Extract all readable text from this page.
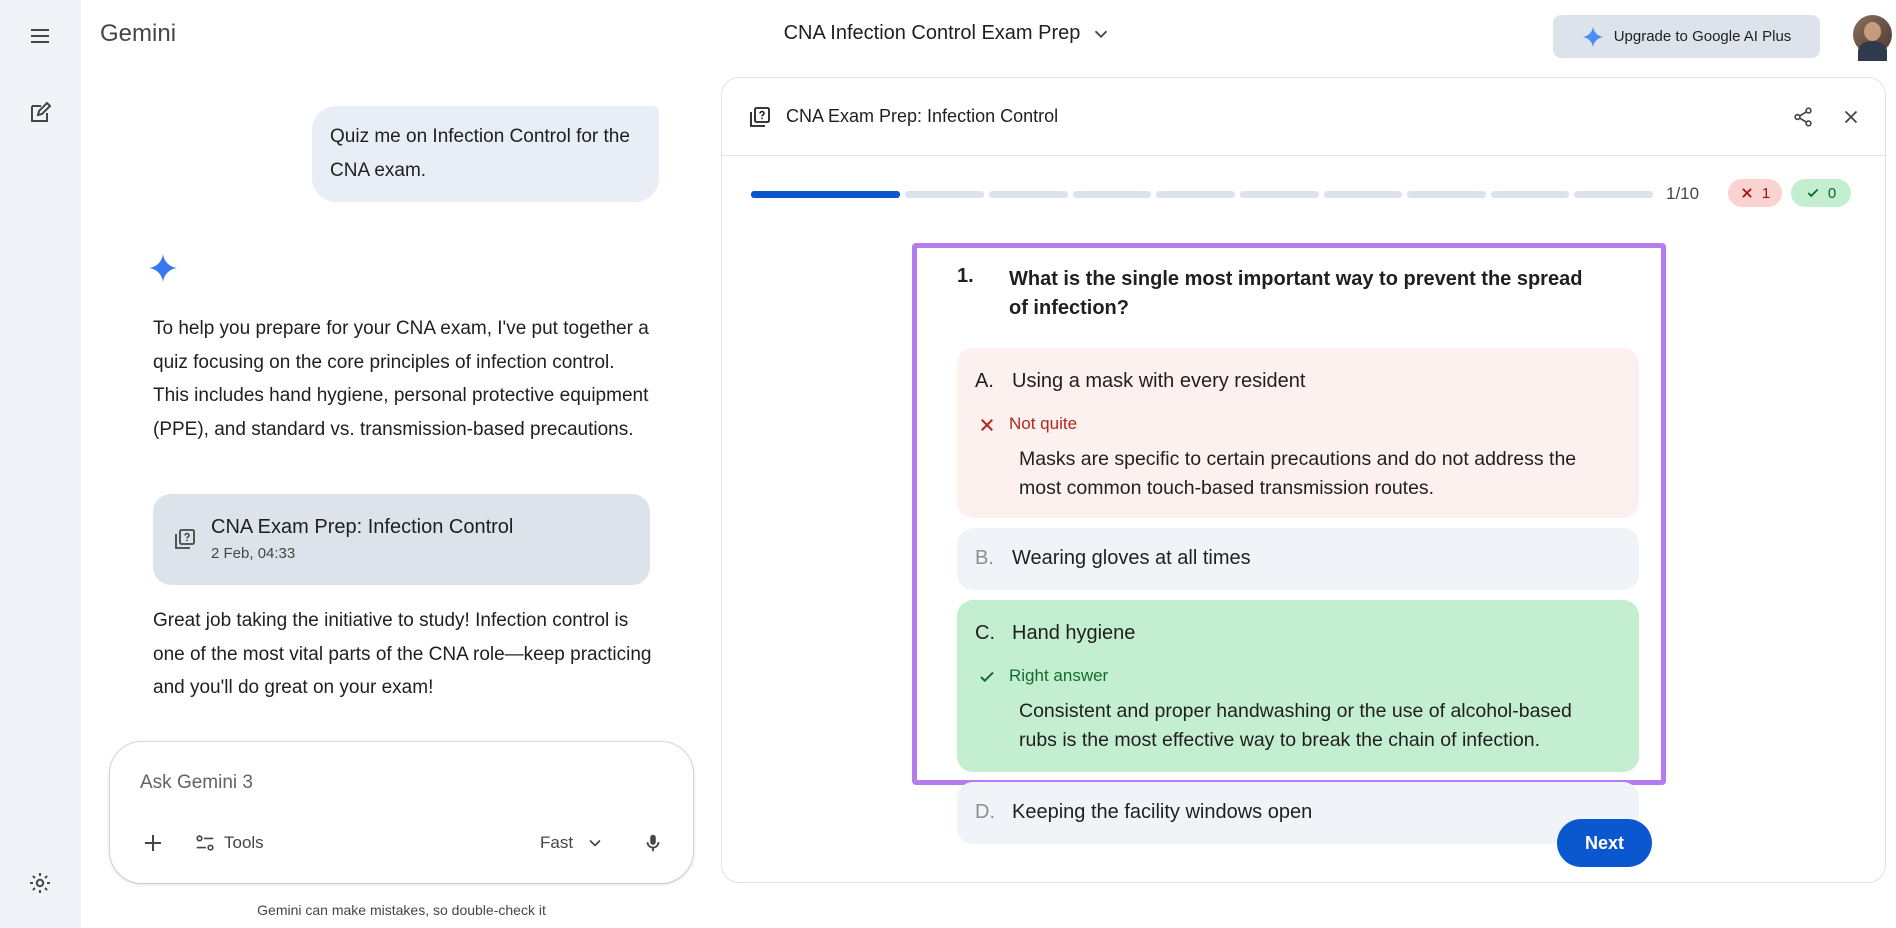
Gemini	CNA Infection Control Exam Prep	Upgrade to Google AI Plus
Quiz me on Infection Control for the CNA exam.
To help you prepare for your CNA exam, I've put together a quiz focusing on the core principles of infection control. This includes hand hygiene, personal protective equipment (PPE), and standard vs. transmission-based precautions.
CNA Exam Prep: Infection Control
2 Feb, 04:33
Great job taking the initiative to study! Infection control is one of the most vital parts of the CNA role—keep practicing and you'll do great on your exam!
Ask Gemini 3
Tools	Fast
Gemini can make mistakes, so double-check it
CNA Exam Prep: Infection Control
1/10	1	0
1. What is the single most important way to prevent the spread of infection?
A. Using a mask with every resident
Not quite
Masks are specific to certain precautions and do not address the most common touch-based transmission routes.
B. Wearing gloves at all times
C. Hand hygiene
Right answer
Consistent and proper handwashing or the use of alcohol-based rubs is the most effective way to break the chain of infection.
D. Keeping the facility windows open
Next
